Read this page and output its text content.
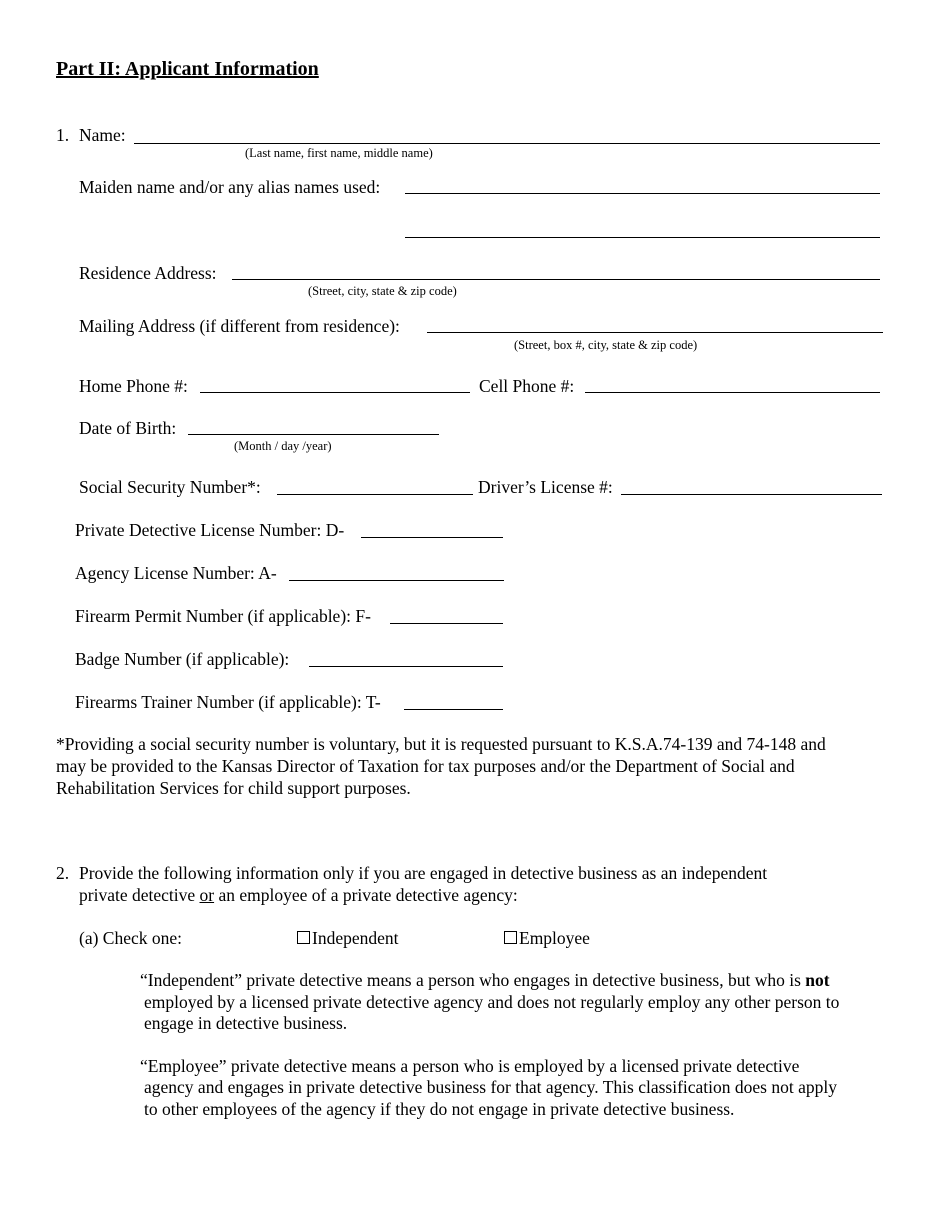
Part II: Applicant Information
1. Name:
(Last name, first name, middle name)
Maiden name and/or any alias names used:
Residence Address:
(Street, city, state & zip code)
Mailing Address (if different from residence):
(Street, box #, city, state & zip code)
Home Phone #:	Cell Phone #:
Date of Birth:
(Month / day /year)
Social Security Number*:	Driver’s License #:
Private Detective License Number: D-
Agency License Number: A-
Firearm Permit Number (if applicable): F-
Badge Number (if applicable):
Firearms Trainer Number (if applicable): T-
*Providing a social security number is voluntary, but it is requested pursuant to K.S.A.74-139 and 74-148 and
may be provided to the Kansas Director of Taxation for tax purposes and/or the Department of Social and
Rehabilitation Services for child support purposes.
2. Provide the following information only if you are engaged in detective business as an independent
private detective or an employee of a private detective agency:
(a) Check one:	Independent	Employee
“Independent” private detective means a person who engages in detective business, but who is not
employed by a licensed private detective agency and does not regularly employ any other person to
engage in detective business.
“Employee” private detective means a person who is employed by a licensed private detective
agency and engages in private detective business for that agency. This classification does not apply
to other employees of the agency if they do not engage in private detective business.
